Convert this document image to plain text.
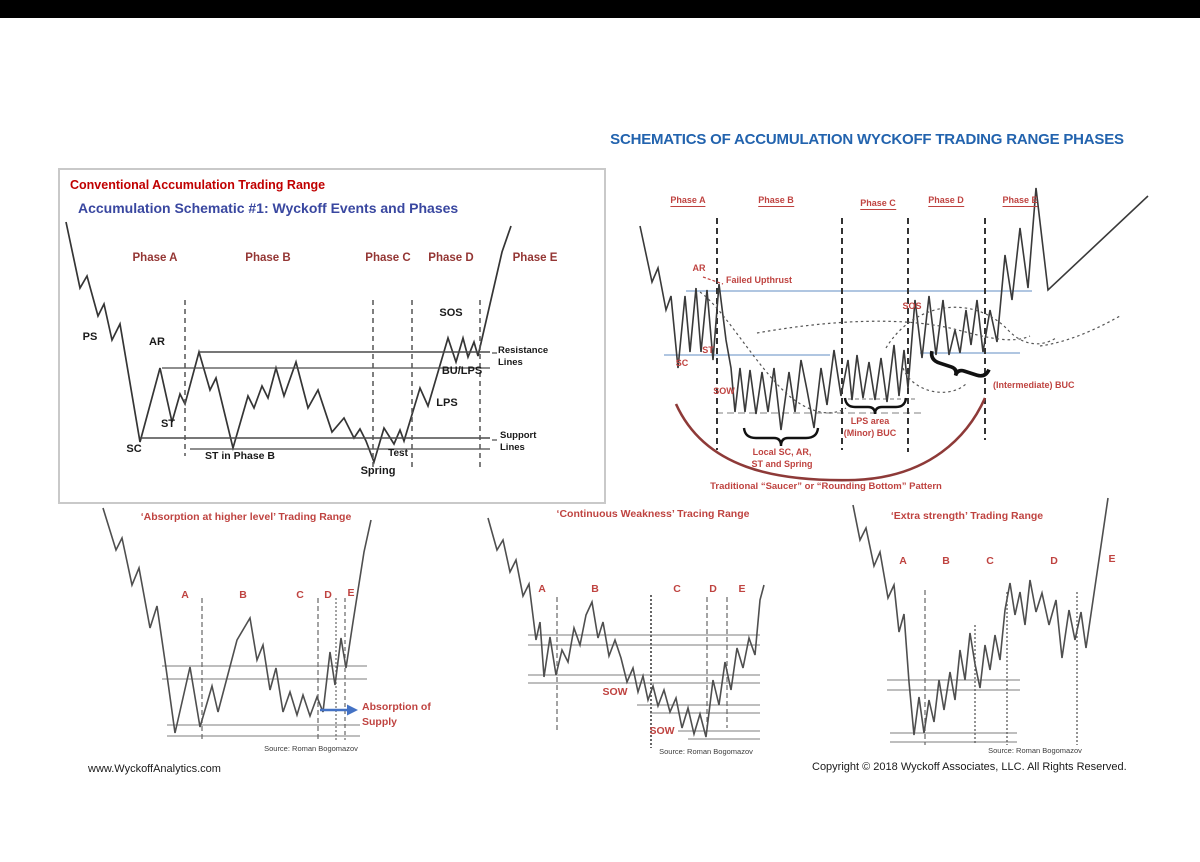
SCHEMATICS OF ACCUMULATION WYCKOFF TRADING RANGE PHASES
Conventional Accumulation Trading Range
Accumulation Schematic #1: Wyckoff Events and Phases
Phase A	Phase B	Phase C Phase D	Phase E
PS
SC
AR
ST
ST in Phase B
Spring
Test
SOS
BU/LPS
LPS
Resistance
Lines
Support
Lines
Phase A	Phase B	Phase C	Phase D	Phase E
AR
Failed Upthrust
SC
ST
SOS
SOW
Local SC, AR,
ST and Spring
LPS area
(Minor) BUC
(Intermediate) BUC
Traditional “Saucer” or “Rounding Bottom” Pattern
‘Absorption at higher level’ Trading Range
A	B	C D E
Absorption of
Supply
Source: Roman Bogomazov
‘Continuous Weakness’ Tracing Range
A	B	C	D E
SOW
SOW
Source: Roman Bogomazov
‘Extra strength’ Trading Range
A	B	C	D	E
Source: Roman Bogomazov
www.WyckoffAnalytics.com	Copyright © 2018 Wyckoff Associates, LLC. All Rights Reserved.
